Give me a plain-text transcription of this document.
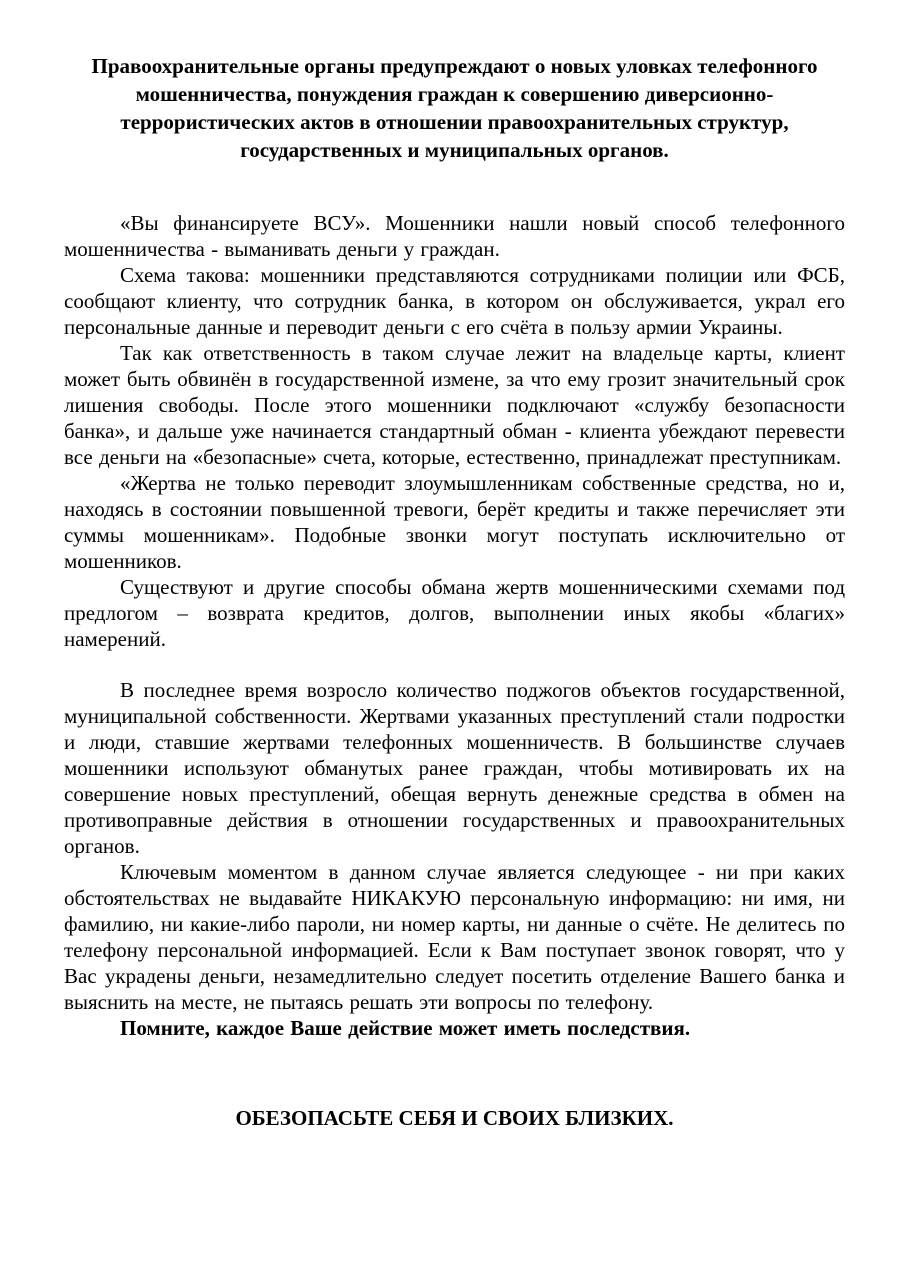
Правоохранительные органы предупреждают о новых уловках телефонного мошенничества, понуждения граждан к совершению диверсионно-террористических актов в отношении правоохранительных структур, государственных и муниципальных органов.

«Вы финансируете ВСУ». Мошенники нашли новый способ телефонного мошенничества - выманивать деньги у граждан.

Схема такова: мошенники представляются сотрудниками полиции или ФСБ, сообщают клиенту, что сотрудник банка, в котором он обслуживается, украл его персональные данные и переводит деньги с его счёта в пользу армии Украины.

Так как ответственность в таком случае лежит на владельце карты, клиент может быть обвинён в государственной измене, за что ему грозит значительный срок лишения свободы. После этого мошенники подключают «службу безопасности банка», и дальше уже начинается стандартный обман - клиента убеждают перевести все деньги на «безопасные» счета, которые, естественно, принадлежат преступникам.

«Жертва не только переводит злоумышленникам собственные средства, но и, находясь в состоянии повышенной тревоги, берёт кредиты и также перечисляет эти суммы мошенникам». Подобные звонки могут поступать исключительно от мошенников.

Существуют и другие способы обмана жертв мошенническими схемами под предлогом – возврата кредитов, долгов, выполнении иных якобы «благих» намерений.

В последнее время возросло количество поджогов объектов государственной, муниципальной собственности. Жертвами указанных преступлений стали подростки и люди, ставшие жертвами телефонных мошенничеств. В большинстве случаев мошенники используют обманутых ранее граждан, чтобы мотивировать их на совершение новых преступлений, обещая вернуть денежные средства в обмен на противоправные действия в отношении государственных и правоохранительных органов.

Ключевым моментом в данном случае является следующее - ни при каких обстоятельствах не выдавайте НИКАКУЮ персональную информацию: ни имя, ни фамилию, ни какие-либо пароли, ни номер карты, ни данные о счёте. Не делитесь по телефону персональной информацией. Если к Вам поступает звонок говорят, что у Вас украдены деньги, незамедлительно следует посетить отделение Вашего банка и выяснить на месте, не пытаясь решать эти вопросы по телефону.

Помните, каждое Ваше действие может иметь последствия.

ОБЕЗОПАСЬТЕ СЕБЯ И СВОИХ БЛИЗКИХ.
